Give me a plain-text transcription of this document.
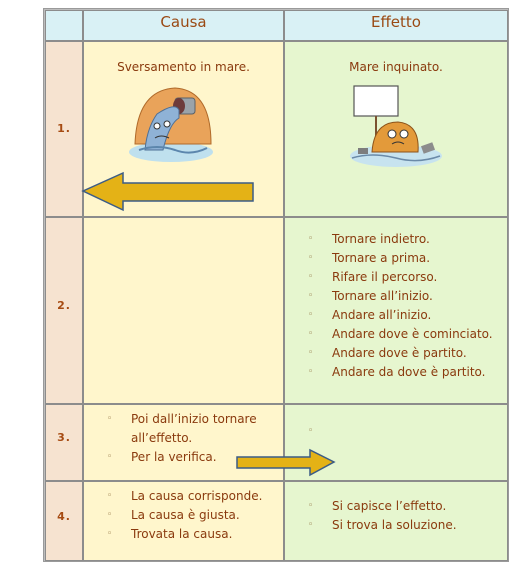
Causa	Effetto
1.
Sversamento in mare.	Mare inquinato.
2.
◦ Tornare indietro.
◦ Tornare a prima.
◦ Rifare il percorso.
◦ Tornare all’inizio.
◦ Andare all’inizio.
◦ Andare dove è cominciato.
◦ Andare dove è partito.
◦ Andare da dove è partito.
3.
◦ Poi dall’inizio tornare all’effetto.
◦ Per la verifica.
◦
4.
◦ La causa corrisponde.
◦ La causa è giusta.
◦ Trovata la causa.
◦ Si capisce l’effetto.
◦ Si trova la soluzione.
